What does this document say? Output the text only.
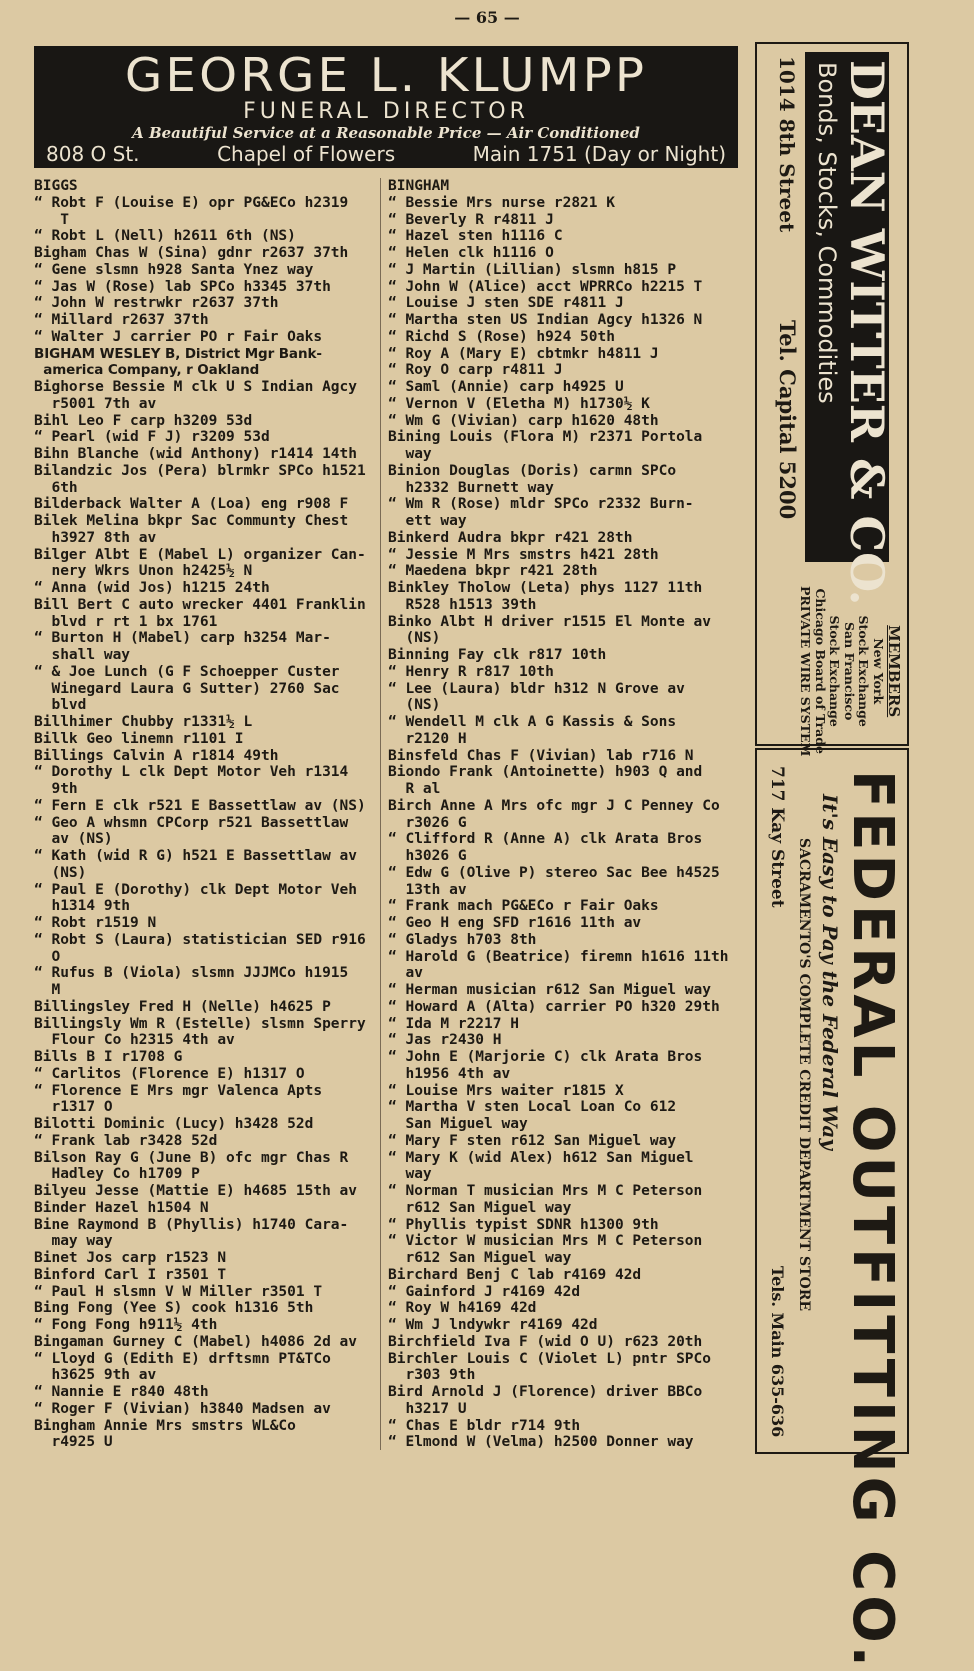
— 65 —
GEORGE L. KLUMPP
FUNERAL DIRECTOR
A Beautiful Service at a Reasonable Price — Air Conditioned
808 O St.	Chapel of Flowers	Main 1751 (Day or Night)
BIGGS
“ Robt F (Louise E) opr PG&ECo h2319
T
“ Robt L (Nell) h2611 6th (NS)
Bigham Chas W (Sina) gdnr r2637 37th
“ Gene slsmn h928 Santa Ynez way
“ Jas W (Rose) lab SPCo h3345 37th
“ John W restrwkr r2637 37th
“ Millard r2637 37th
“ Walter J carrier PO r Fair Oaks
BIGHAM WESLEY B, District Mgr Bank-
america Company, r Oakland
Bighorse Bessie M clk U S Indian Agcy
r5001 7th av
Bihl Leo F carp h3209 53d
“ Pearl (wid F J) r3209 53d
Bihn Blanche (wid Anthony) r1414 14th
Bilandzic Jos (Pera) blrmkr SPCo h1521
6th
Bilderback Walter A (Loa) eng r908 F
Bilek Melina bkpr Sac Communty Chest
h3927 8th av
Bilger Albt E (Mabel L) organizer Can-
nery Wkrs Unon h2425½ N
“ Anna (wid Jos) h1215 24th
Bill Bert C auto wrecker 4401 Franklin
blvd r rt 1 bx 1761
“ Burton H (Mabel) carp h3254 Mar-
shall way
“ & Joe Lunch (G F Schoepper Custer
Winegard Laura G Sutter) 2760 Sac
blvd
Billhimer Chubby r1331½ L
Billk Geo linemn r1101 I
Billings Calvin A r1814 49th
“ Dorothy L clk Dept Motor Veh r1314
9th
“ Fern E clk r521 E Bassettlaw av (NS)
“ Geo A whsmn CPCorp r521 Bassettlaw
av (NS)
“ Kath (wid R G) h521 E Bassettlaw av
(NS)
“ Paul E (Dorothy) clk Dept Motor Veh
h1314 9th
“ Robt r1519 N
“ Robt S (Laura) statistician SED r916
O
“ Rufus B (Viola) slsmn JJJMCo h1915
M
Billingsley Fred H (Nelle) h4625 P
Billingsly Wm R (Estelle) slsmn Sperry
Flour Co h2315 4th av
Bills B I r1708 G
“ Carlitos (Florence E) h1317 O
“ Florence E Mrs mgr Valenca Apts
r1317 O
Bilotti Dominic (Lucy) h3428 52d
“ Frank lab r3428 52d
Bilson Ray G (June B) ofc mgr Chas R
Hadley Co h1709 P
Bilyeu Jesse (Mattie E) h4685 15th av
Binder Hazel h1504 N
Bine Raymond B (Phyllis) h1740 Cara-
may way
Binet Jos carp r1523 N
Binford Carl I r3501 T
“ Paul H slsmn V W Miller r3501 T
Bing Fong (Yee S) cook h1316 5th
“ Fong Fong h911½ 4th
Bingaman Gurney C (Mabel) h4086 2d av
“ Lloyd G (Edith E) drftsmn PT&TCo
h3625 9th av
“ Nannie E r840 48th
“ Roger F (Vivian) h3840 Madsen av
Bingham Annie Mrs smstrs WL&Co
r4925 U
BINGHAM
“ Bessie Mrs nurse r2821 K
“ Beverly R r4811 J
“ Hazel sten h1116 C
“ Helen clk h1116 O
“ J Martin (Lillian) slsmn h815 P
“ John W (Alice) acct WPRRCo h2215 T
“ Louise J sten SDE r4811 J
“ Martha sten US Indian Agcy h1326 N
“ Richd S (Rose) h924 50th
“ Roy A (Mary E) cbtmkr h4811 J
“ Roy O carp r4811 J
“ Saml (Annie) carp h4925 U
“ Vernon V (Eletha M) h1730½ K
“ Wm G (Vivian) carp h1620 48th
Bining Louis (Flora M) r2371 Portola
way
Binion Douglas (Doris) carmn SPCo
h2332 Burnett way
“ Wm R (Rose) mldr SPCo r2332 Burn-
ett way
Binkerd Audra bkpr r421 28th
“ Jessie M Mrs smstrs h421 28th
“ Maedena bkpr r421 28th
Binkley Tholow (Leta) phys 1127 11th
R528 h1513 39th
Binko Albt H driver r1515 El Monte av
(NS)
Binning Fay clk r817 10th
“ Henry R r817 10th
“ Lee (Laura) bldr h312 N Grove av
(NS)
“ Wendell M clk A G Kassis & Sons
r2120 H
Binsfeld Chas F (Vivian) lab r716 N
Biondo Frank (Antoinette) h903 Q and
R al
Birch Anne A Mrs ofc mgr J C Penney Co
r3026 G
“ Clifford R (Anne A) clk Arata Bros
h3026 G
“ Edw G (Olive P) stereo Sac Bee h4525
13th av
“ Frank mach PG&ECo r Fair Oaks
“ Geo H eng SFD r1616 11th av
“ Gladys h703 8th
“ Harold G (Beatrice) firemn h1616 11th
av
“ Herman musician r612 San Miguel way
“ Howard A (Alta) carrier PO h320 29th
“ Ida M r2217 H
“ Jas r2430 H
“ John E (Marjorie C) clk Arata Bros
h1956 4th av
“ Louise Mrs waiter r1815 X
“ Martha V sten Local Loan Co 612
San Miguel way
“ Mary F sten r612 San Miguel way
“ Mary K (wid Alex) h612 San Miguel
way
“ Norman T musician Mrs M C Peterson
r612 San Miguel way
“ Phyllis typist SDNR h1300 9th
“ Victor W musician Mrs M C Peterson
r612 San Miguel way
Birchard Benj C lab r4169 42d
“ Gainford J r4169 42d
“ Roy W h4169 42d
“ Wm J lndywkr r4169 42d
Birchfield Iva F (wid O U) r623 20th
Birchler Louis C (Violet L) pntr SPCo
r303 9th
Bird Arnold J (Florence) driver BBCo
h3217 U
“ Chas E bldr r714 9th
“ Elmond W (Velma) h2500 Donner way
DEAN WITTER & CO.
Bonds, Stocks, Commodities
1014 8th Street
Tel. Capital 5200
MEMBERS
New York
Stock Exchange
San Francisco
Stock Exchange
Chicago Board of Trade
PRIVATE WIRE SYSTEM
FEDERAL OUTFITTING CO.
It's Easy to Pay the Federal Way
SACRAMENTO'S COMPLETE CREDIT DEPARTMENT STORE
717 Kay Street
Tels. Main 635-636
